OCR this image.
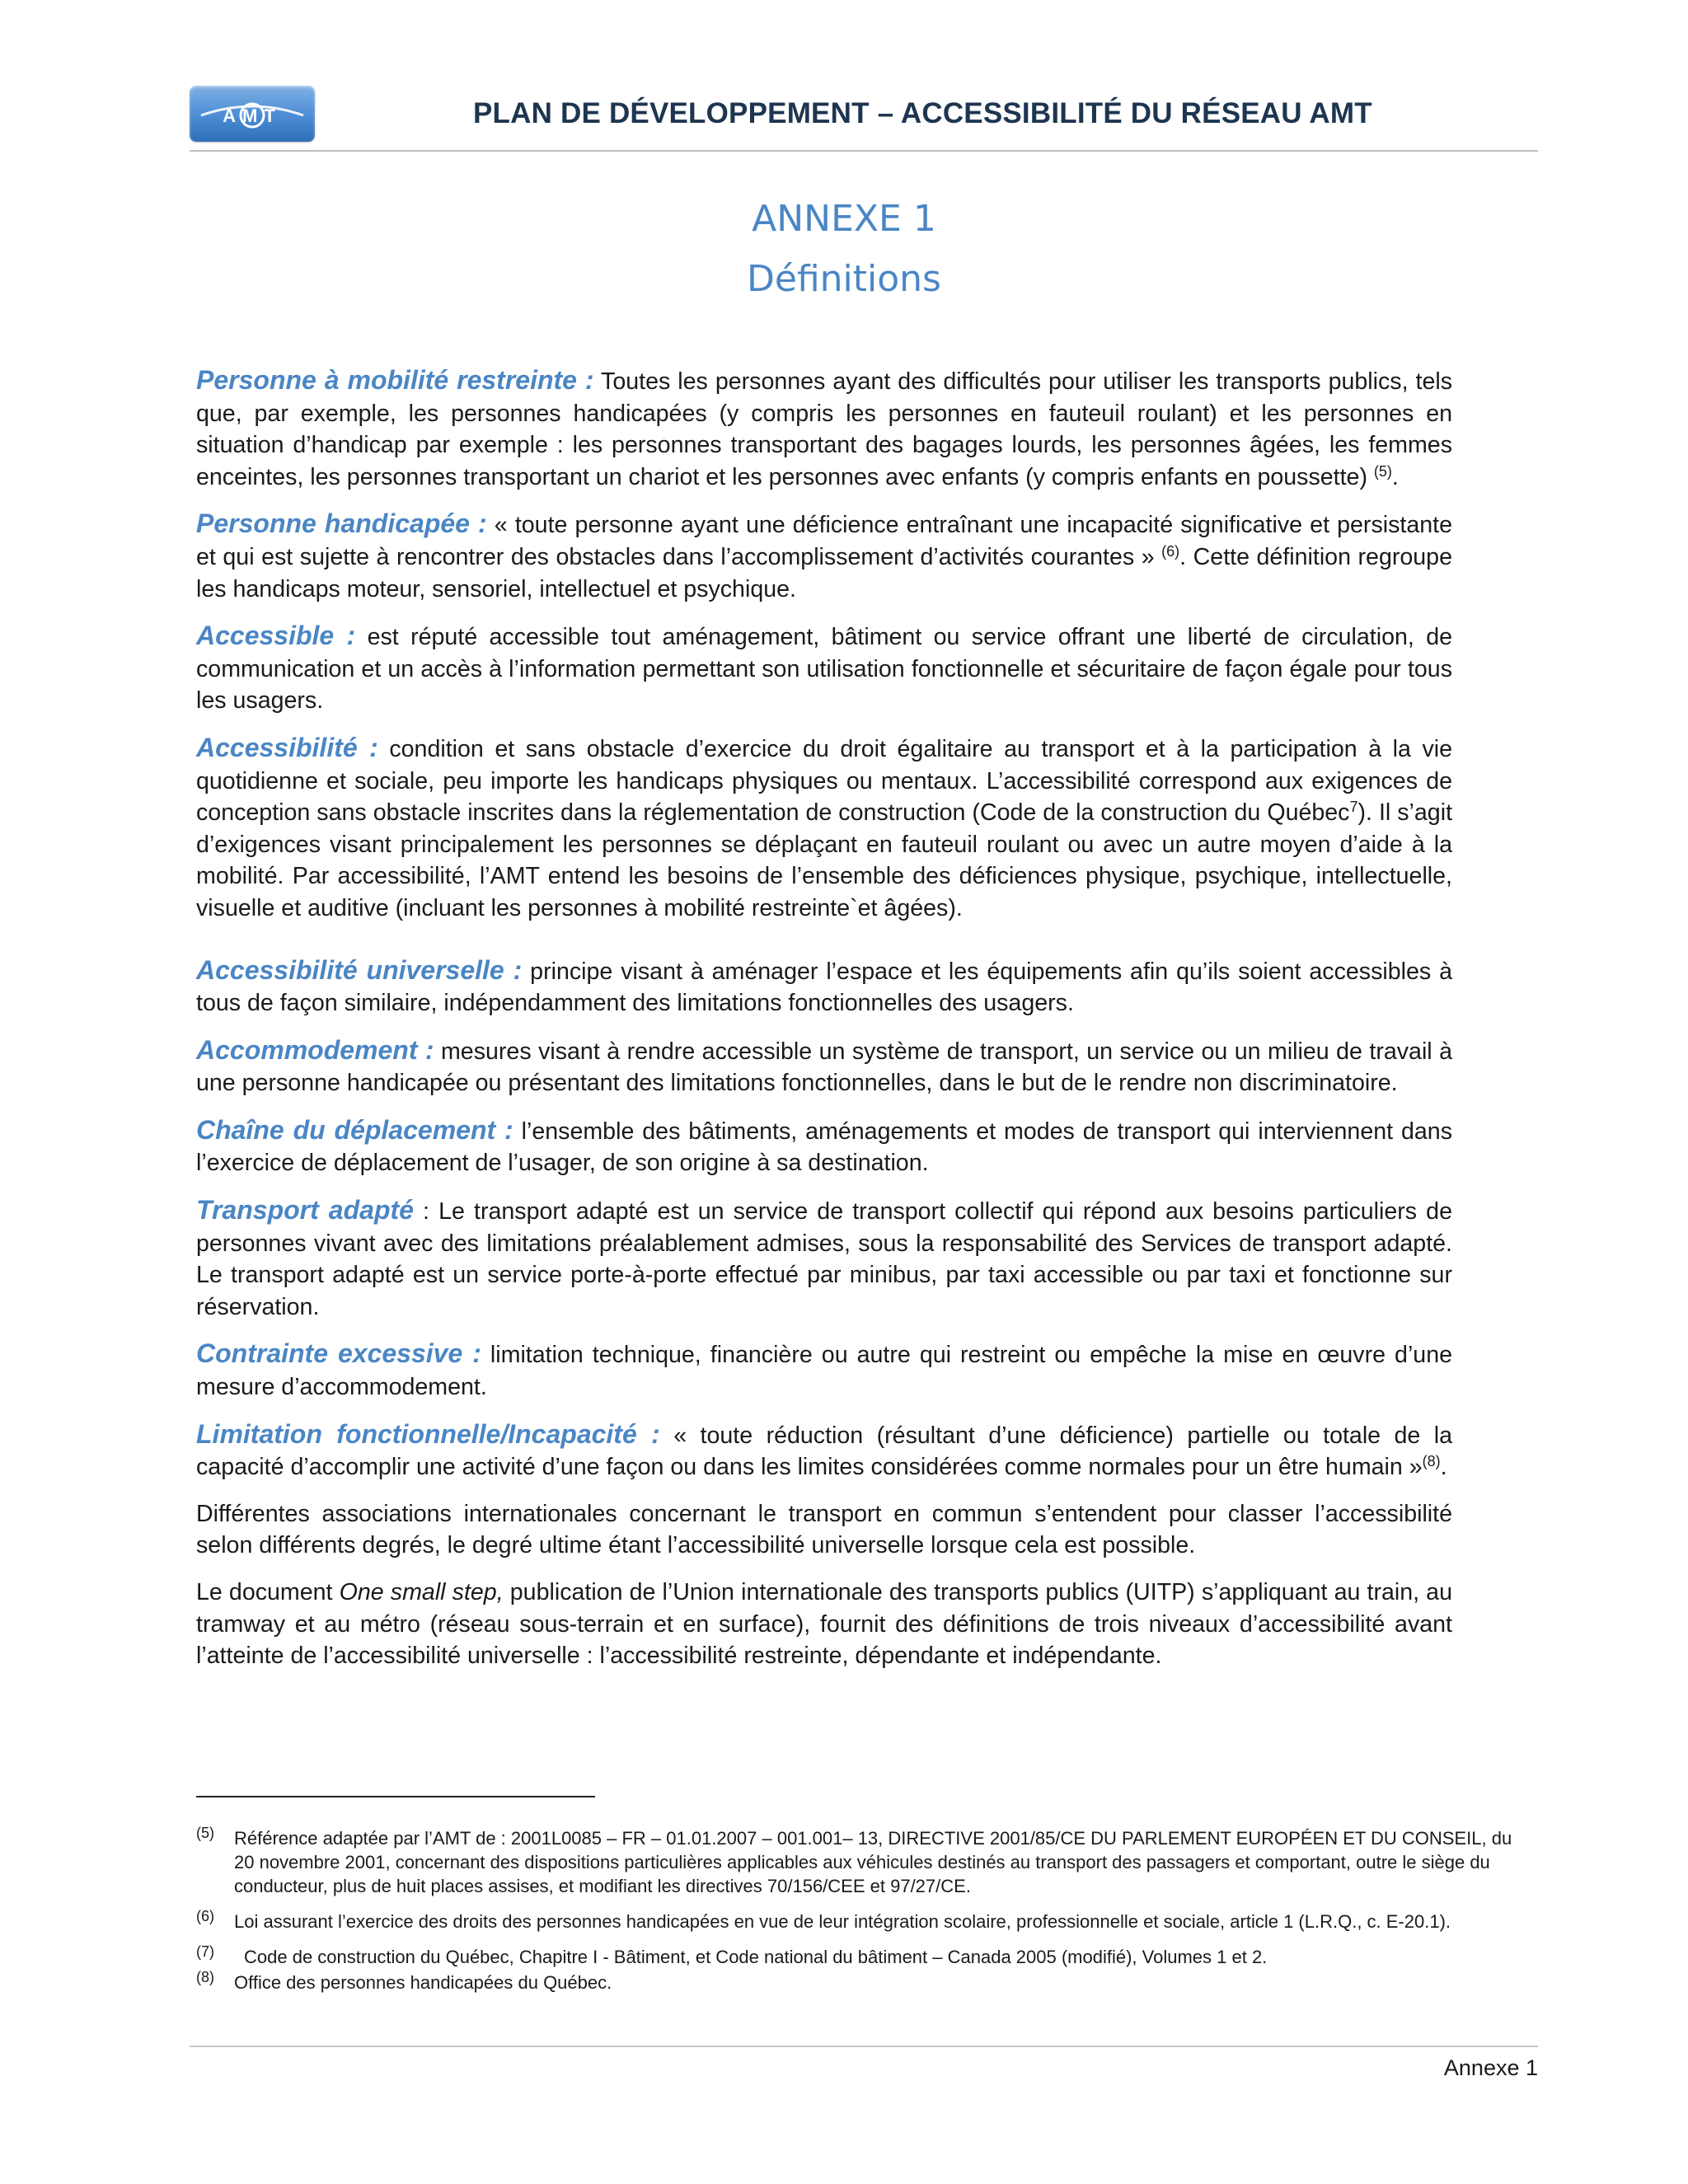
AMT	PLAN DE DÉVELOPPEMENT – ACCESSIBILITÉ DU RÉSEAU AMT
ANNEXE 1
Définitions

Personne à mobilité restreinte : Toutes les personnes ayant des difficultés pour utiliser les transports publics, tels que, par exemple, les personnes handicapées (y compris les personnes en fauteuil roulant) et les personnes en situation d’handicap par exemple : les personnes transportant des bagages lourds, les personnes âgées, les femmes enceintes, les personnes transportant un chariot et les personnes avec enfants (y compris enfants en poussette) $^{(5)}$.

Personne handicapée : « toute personne ayant une déficience entraînant une incapacité significative et persistante et qui est sujette à rencontrer des obstacles dans l’accomplissement d’activités courantes » $^{(6)}$. Cette définition regroupe les handicaps moteur, sensoriel, intellectuel et psychique.

Accessible : est réputé accessible tout aménagement, bâtiment ou service offrant une liberté de circulation, de communication et un accès à l’information permettant son utilisation fonctionnelle et sécuritaire de façon égale pour tous les usagers.

Accessibilité : condition et sans obstacle d’exercice du droit égalitaire au transport et à la participation à la vie quotidienne et sociale, peu importe les handicaps physiques ou mentaux. L’accessibilité correspond aux exigences de conception sans obstacle inscrites dans la réglementation de construction (Code de la construction du Québec$^7$). Il s’agit d’exigences visant principalement les personnes se déplaçant en fauteuil roulant ou avec un autre moyen d’aide à la mobilité. Par accessibilité, l’AMT entend les besoins de l’ensemble des déficiences physique, psychique, intellectuelle, visuelle et auditive (incluant les personnes à mobilité restreinte`et âgées).

Accessibilité universelle : principe visant à aménager l’espace et les équipements afin qu’ils soient accessibles à tous de façon similaire, indépendamment des limitations fonctionnelles des usagers.

Accommodement : mesures visant à rendre accessible un système de transport, un service ou un milieu de travail à une personne handicapée ou présentant des limitations fonctionnelles, dans le but de le rendre non discriminatoire.

Chaîne du déplacement : l’ensemble des bâtiments, aménagements et modes de transport qui interviennent dans l’exercice de déplacement de l’usager, de son origine à sa destination.

Transport adapté : Le transport adapté est un service de transport collectif qui répond aux besoins particuliers de personnes vivant avec des limitations préalablement admises, sous la responsabilité des Services de transport adapté. Le transport adapté est un service porte-à-porte effectué par minibus, par taxi accessible ou par taxi et fonctionne sur réservation.

Contrainte excessive : limitation technique, financière ou autre qui restreint ou empêche la mise en œuvre d’une mesure d’accommodement.

Limitation fonctionnelle/Incapacité : « toute réduction (résultant d’une déficience) partielle ou totale de la capacité d’accomplir une activité d’une façon ou dans les limites considérées comme normales pour un être humain »$^{(8)}$.

Différentes associations internationales concernant le transport en commun s’entendent pour classer l’accessibilité selon différents degrés, le degré ultime étant l’accessibilité universelle lorsque cela est possible.

Le document One small step, publication de l’Union internationale des transports publics (UITP) s’appliquant au train, au tramway et au métro (réseau sous-terrain et en surface), fournit des définitions de trois niveaux d’accessibilité avant l’atteinte de l’accessibilité universelle : l’accessibilité restreinte, dépendante et indépendante.

(5) Référence adaptée par l’AMT de : 2001L0085 – FR – 01.01.2007 – 001.001– 13, DIRECTIVE 2001/85/CE DU PARLEMENT EUROPÉEN ET DU CONSEIL, du 20 novembre 2001, concernant des dispositions particulières applicables aux véhicules destinés au transport des passagers et comportant, outre le siège du conducteur, plus de huit places assises, et modifiant les directives 70/156/CEE et 97/27/CE.
(6) Loi assurant l’exercice des droits des personnes handicapées en vue de leur intégration scolaire, professionnelle et sociale, article 1 (L.R.Q., c. E-20.1).
(7) Code de construction du Québec, Chapitre I - Bâtiment, et Code national du bâtiment – Canada 2005 (modifié), Volumes 1 et 2.
(8) Office des personnes handicapées du Québec.
Annexe 1
